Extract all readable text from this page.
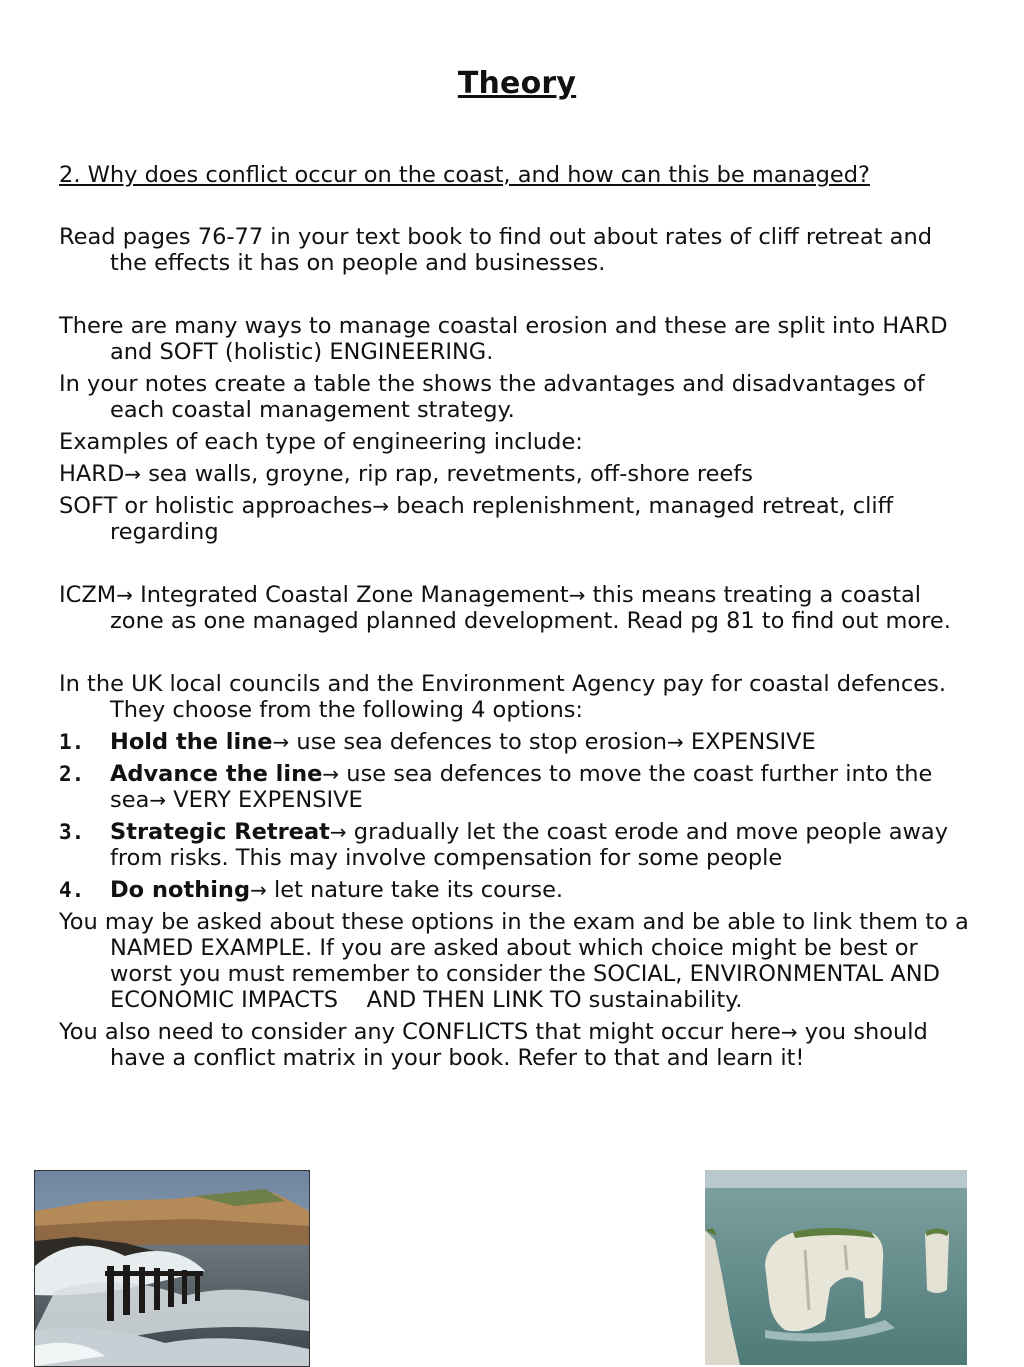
Theory
2. Why does conflict occur on the coast, and how can this be managed?
Read pages 76-77 in your text book to find out about rates of cliff retreat and the effects it has on people and businesses.
There are many ways to manage coastal erosion and these are split into HARD and SOFT (holistic) ENGINEERING.
In your notes create a table the shows the advantages and disadvantages of each coastal management strategy.
Examples of each type of engineering include:
HARD→ sea walls, groyne, rip rap, revetments, off-shore reefs
SOFT or holistic approaches→ beach replenishment, managed retreat, cliff regarding
ICZM→ Integrated Coastal Zone Management→ this means treating a coastal zone as one managed planned development. Read pg 81 to find out more.
In the UK local councils and the Environment Agency pay for coastal defences. They choose from the following 4 options:
1. Hold the line→ use sea defences to stop erosion→ EXPENSIVE
2. Advance the line→ use sea defences to move the coast further into the sea→ VERY EXPENSIVE
3. Strategic Retreat→ gradually let the coast erode and move people away from risks. This may involve compensation for some people
4. Do nothing→ let nature take its course.
You may be asked about these options in the exam and be able to link them to a NAMED EXAMPLE. If you are asked about which choice might be best or worst you must remember to consider the SOCIAL, ENVIRONMENTAL AND ECONOMIC IMPACTS    AND THEN LINK TO sustainability.
You also need to consider any CONFLICTS that might occur here→ you should have a conflict matrix in your book. Refer to that and learn it!
